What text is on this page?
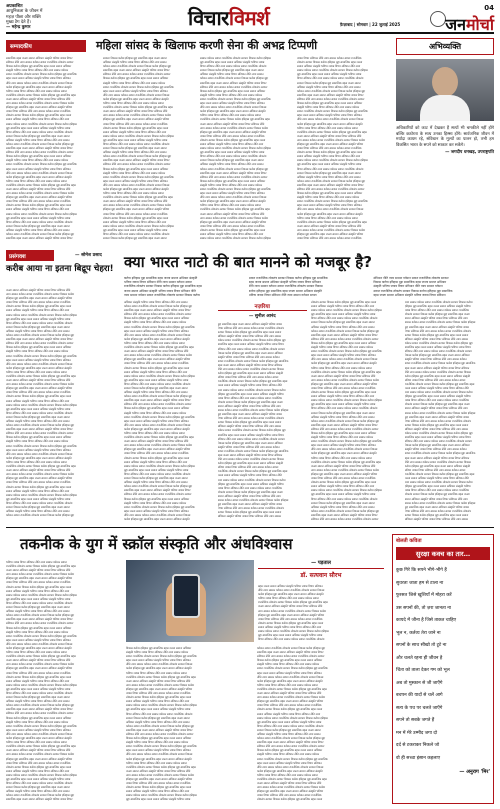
अप्रकाशित
आधुनिकता के जीवन में
महज़ पीछा और शक्ति
मुख्य टैग देते हैं।
— महेन्द्र कुमार	विचारविमर्श	फ़ैज़ाबाद | सोमवार | 22 जुलाई 2025
04
जनमोर्चा
सम्पादकीय	महिला सांसद के खिलाफ करणी सेना की अभद्र टिप्पणी
सामाजिक बहस जनता समाज अधिकार संस्कृति भविष्य जवाब विचार
संविधान नीति न्याय सम्मान वर्तमान सवाल राजनीतिक लोकतंत्र सरकार
विकास कर्तव्य इतिहास मुद्दा सामाजिक बहस जनता समाज अधिकार
संस्कृति भविष्य जवाब विचार संविधान नीति न्याय सम्मान वर्तमान
सवाल राजनीतिक लोकतंत्र सरकार विकास कर्तव्य इतिहास मुद्दा सामाजिक
बहस जनता समाज अधिकार संस्कृति भविष्य जवाब विचार संविधान
नीति न्याय सम्मान वर्तमान सवाल राजनीतिक लोकतंत्र सरकार विकास
कर्तव्य इतिहास मुद्दा सामाजिक बहस जनता समाज अधिकार संस्कृति
भविष्य जवाब विचार संविधान नीति न्याय सम्मान वर्तमान सवाल
राजनीतिक लोकतंत्र सरकार विकास कर्तव्य इतिहास मुद्दा सामाजिक बहस
जनता समाज अधिकार संस्कृति भविष्य जवाब विचार संविधान नीति
न्याय सम्मान वर्तमान सवाल राजनीतिक लोकतंत्र सरकार विकास कर्तव्य
इतिहास मुद्दा सामाजिक बहस जनता समाज अधिकार संस्कृति भविष्य
जवाब विचार संविधान नीति न्याय सम्मान वर्तमान सवाल राजनीतिक
लोकतंत्र सरकार विकास कर्तव्य इतिहास मुद्दा सामाजिक बहस जनता
समाज अधिकार संस्कृति भविष्य जवाब विचार संविधान नीति न्याय
सम्मान वर्तमान सवाल राजनीतिक लोकतंत्र सरकार विकास कर्तव्य इतिहास
मुद्दा सामाजिक बहस जनता समाज अधिकार संस्कृति भविष्य जवाब
विचार संविधान नीति न्याय सम्मान वर्तमान सवाल राजनीतिक लोकतंत्र
सरकार विकास कर्तव्य इतिहास मुद्दा सामाजिक बहस जनता समाज
अधिकार संस्कृति भविष्य जवाब विचार संविधान नीति न्याय सम्मान
वर्तमान सवाल राजनीतिक लोकतंत्र सरकार विकास कर्तव्य इतिहास मुद्दा
सामाजिक बहस जनता समाज अधिकार संस्कृति भविष्य जवाब विचार
संविधान नीति न्याय सम्मान वर्तमान सवाल राजनीतिक लोकतंत्र सरकार
विकास कर्तव्य इतिहास मुद्दा सामाजिक बहस जनता समाज अधिकार
संस्कृति भविष्य जवाब विचार संविधान नीति न्याय सम्मान वर्तमान
सवाल राजनीतिक लोकतंत्र सरकार विकास कर्तव्य इतिहास मुद्दा सामाजिक
बहस जनता समाज अधिकार संस्कृति भविष्य जवाब विचार संविधान
नीति न्याय सम्मान वर्तमान सवाल राजनीतिक लोकतंत्र सरकार विकास
कर्तव्य इतिहास मुद्दा सामाजिक बहस जनता समाज अधिकार संस्कृति
भविष्य जवाब विचार संविधान नीति न्याय सम्मान वर्तमान सवाल
राजनीतिक लोकतंत्र सरकार विकास कर्तव्य इतिहास मुद्दा सामाजिक बहस
जनता समाज अधिकार संस्कृति भविष्य जवाब विचार संविधान नीति
न्याय सम्मान वर्तमान सवाल राजनीतिक लोकतंत्र सरकार विकास कर्तव्य
इतिहास मुद्दा सामाजिक बहस जनता समाज अधिकार संस्कृति भविष्य
जवाब विचार संविधान नीति न्याय सम्मान वर्तमान सवाल राजनीतिक
लोकतंत्र सरकार विकास कर्तव्य इतिहास मुद्दा सामाजिक बहस जनता
समाज अधिकार संस्कृति भविष्य जवाब विचार संविधान नीति न्याय
सम्मान वर्तमान सवाल राजनीतिक लोकतंत्र सरकार विकास कर्तव्य इतिहास
मुद्दा सामाजिक बहस जनता समाज अधिकार संस्कृति भविष्य जवाब
विचार संविधान नीति न्याय सम्मान वर्तमान सवाल राजनीतिक लोकतंत्र
सरकार विकास कर्तव्य इतिहास मुद्दा सामाजिक बहस जनता समाज
अधिकार संस्कृति भविष्य जवाब विचार संविधान नीति न्याय सम्मान
वर्तमान सवाल राजनीतिक लोकतंत्र सरकार विकास कर्तव्य इतिहास मुद्दा
सामाजिक बहस जनता समाज अधिकार संस्कृति भविष्य जवाब विचार
सरकार विकास कर्तव्य इतिहास मुद्दा सामाजिक बहस जनता समाज
अधिकार संस्कृति भविष्य जवाब विचार संविधान नीति न्याय सम्मान
वर्तमान सवाल राजनीतिक लोकतंत्र सरकार विकास कर्तव्य इतिहास मुद्दा
सामाजिक बहस जनता समाज अधिकार संस्कृति भविष्य जवाब विचार
संविधान नीति न्याय सम्मान वर्तमान सवाल राजनीतिक लोकतंत्र सरकार
विकास कर्तव्य इतिहास मुद्दा सामाजिक बहस जनता समाज अधिकार
संस्कृति भविष्य जवाब विचार संविधान नीति न्याय सम्मान वर्तमान
सवाल राजनीतिक लोकतंत्र सरकार विकास कर्तव्य इतिहास मुद्दा सामाजिक
बहस जनता समाज अधिकार संस्कृति भविष्य जवाब विचार संविधान
नीति न्याय सम्मान वर्तमान सवाल राजनीतिक लोकतंत्र सरकार विकास
कर्तव्य इतिहास मुद्दा सामाजिक बहस जनता समाज अधिकार संस्कृति
भविष्य जवाब विचार संविधान नीति न्याय सम्मान वर्तमान सवाल
राजनीतिक लोकतंत्र सरकार विकास कर्तव्य इतिहास मुद्दा सामाजिक बहस
जनता समाज अधिकार संस्कृति भविष्य जवाब विचार संविधान नीति
न्याय सम्मान वर्तमान सवाल राजनीतिक लोकतंत्र सरकार विकास कर्तव्य
इतिहास मुद्दा सामाजिक बहस जनता समाज अधिकार संस्कृति भविष्य
जवाब विचार संविधान नीति न्याय सम्मान वर्तमान सवाल राजनीतिक
लोकतंत्र सरकार विकास कर्तव्य इतिहास मुद्दा सामाजिक बहस जनता
समाज अधिकार संस्कृति भविष्य जवाब विचार संविधान नीति न्याय
सम्मान वर्तमान सवाल राजनीतिक लोकतंत्र सरकार विकास कर्तव्य इतिहास
मुद्दा सामाजिक बहस जनता समाज अधिकार संस्कृति भविष्य जवाब
विचार संविधान नीति न्याय सम्मान वर्तमान सवाल राजनीतिक लोकतंत्र
सरकार विकास कर्तव्य इतिहास मुद्दा सामाजिक बहस जनता समाज
अधिकार संस्कृति भविष्य जवाब विचार संविधान नीति न्याय सम्मान
वर्तमान सवाल राजनीतिक लोकतंत्र सरकार विकास कर्तव्य इतिहास मुद्दा
सामाजिक बहस जनता समाज अधिकार संस्कृति भविष्य जवाब विचार
संविधान नीति न्याय सम्मान वर्तमान सवाल राजनीतिक लोकतंत्र सरकार
विकास कर्तव्य इतिहास मुद्दा सामाजिक बहस जनता समाज अधिकार
संस्कृति भविष्य जवाब विचार संविधान नीति न्याय सम्मान वर्तमान
सवाल राजनीतिक लोकतंत्र सरकार विकास कर्तव्य इतिहास मुद्दा सामाजिक
बहस जनता समाज अधिकार संस्कृति भविष्य जवाब विचार संविधान
नीति न्याय सम्मान वर्तमान सवाल राजनीतिक लोकतंत्र सरकार विकास
कर्तव्य इतिहास मुद्दा सामाजिक बहस जनता समाज अधिकार संस्कृति
भविष्य जवाब विचार संविधान नीति न्याय सम्मान वर्तमान सवाल
राजनीतिक लोकतंत्र सरकार विकास कर्तव्य इतिहास मुद्दा सामाजिक बहस
जनता समाज अधिकार संस्कृति भविष्य जवाब विचार संविधान नीति
न्याय सम्मान वर्तमान सवाल राजनीतिक लोकतंत्र सरकार विकास कर्तव्य
इतिहास मुद्दा सामाजिक बहस जनता समाज अधिकार संस्कृति भविष्य
जवाब विचार संविधान नीति न्याय सम्मान वर्तमान सवाल राजनीतिक
लोकतंत्र सरकार विकास कर्तव्य इतिहास मुद्दा सामाजिक बहस जनता
समाज अधिकार संस्कृति भविष्य जवाब विचार संविधान नीति न्याय
सम्मान वर्तमान सवाल राजनीतिक लोकतंत्र सरकार विकास कर्तव्य इतिहास
मुद्दा सामाजिक बहस जनता समाज अधिकार संस्कृति भविष्य जवाब
विचार संविधान नीति न्याय सम्मान वर्तमान सवाल राजनीतिक लोकतंत्र
सरकार विकास कर्तव्य इतिहास मुद्दा सामाजिक बहस जनता समाज
सम्मान वर्तमान सवाल राजनीतिक लोकतंत्र सरकार विकास कर्तव्य इतिहास
मुद्दा सामाजिक बहस जनता समाज अधिकार संस्कृति भविष्य जवाब
विचार संविधान नीति न्याय सम्मान वर्तमान सवाल राजनीतिक लोकतंत्र
सरकार विकास कर्तव्य इतिहास मुद्दा सामाजिक बहस जनता समाज
अधिकार संस्कृति भविष्य जवाब विचार संविधान नीति न्याय सम्मान
वर्तमान सवाल राजनीतिक लोकतंत्र सरकार विकास कर्तव्य इतिहास मुद्दा
सामाजिक बहस जनता समाज अधिकार संस्कृति भविष्य जवाब विचार
संविधान नीति न्याय सम्मान वर्तमान सवाल राजनीतिक लोकतंत्र सरकार
विकास कर्तव्य इतिहास मुद्दा सामाजिक बहस जनता समाज अधिकार
संस्कृति भविष्य जवाब विचार संविधान नीति न्याय सम्मान वर्तमान
सवाल राजनीतिक लोकतंत्र सरकार विकास कर्तव्य इतिहास मुद्दा सामाजिक
बहस जनता समाज अधिकार संस्कृति भविष्य जवाब विचार संविधान
नीति न्याय सम्मान वर्तमान सवाल राजनीतिक लोकतंत्र सरकार विकास
कर्तव्य इतिहास मुद्दा सामाजिक बहस जनता समाज अधिकार संस्कृति
भविष्य जवाब विचार संविधान नीति न्याय सम्मान वर्तमान सवाल
राजनीतिक लोकतंत्र सरकार विकास कर्तव्य इतिहास मुद्दा सामाजिक बहस
जनता समाज अधिकार संस्कृति भविष्य जवाब विचार संविधान नीति
न्याय सम्मान वर्तमान सवाल राजनीतिक लोकतंत्र सरकार विकास कर्तव्य
इतिहास मुद्दा सामाजिक बहस जनता समाज अधिकार संस्कृति भविष्य
जवाब विचार संविधान नीति न्याय सम्मान वर्तमान सवाल राजनीतिक
लोकतंत्र सरकार विकास कर्तव्य इतिहास मुद्दा सामाजिक बहस जनता
समाज अधिकार संस्कृति भविष्य जवाब विचार संविधान नीति न्याय
सम्मान वर्तमान सवाल राजनीतिक लोकतंत्र सरकार विकास कर्तव्य इतिहास
मुद्दा सामाजिक बहस जनता समाज अधिकार संस्कृति भविष्य जवाब
विचार संविधान नीति न्याय सम्मान वर्तमान सवाल राजनीतिक लोकतंत्र
सरकार विकास कर्तव्य इतिहास मुद्दा सामाजिक बहस जनता समाज
अधिकार संस्कृति भविष्य जवाब विचार संविधान नीति न्याय सम्मान
वर्तमान सवाल राजनीतिक लोकतंत्र सरकार विकास कर्तव्य इतिहास मुद्दा
सामाजिक बहस जनता समाज अधिकार संस्कृति भविष्य जवाब विचार
संविधान नीति न्याय सम्मान वर्तमान सवाल राजनीतिक लोकतंत्र सरकार
विकास कर्तव्य इतिहास मुद्दा सामाजिक बहस जनता समाज अधिकार
संस्कृति भविष्य जवाब विचार संविधान नीति न्याय सम्मान वर्तमान
सवाल राजनीतिक लोकतंत्र सरकार विकास कर्तव्य इतिहास मुद्दा सामाजिक
बहस जनता समाज अधिकार संस्कृति भविष्य जवाब विचार संविधान
नीति न्याय सम्मान वर्तमान सवाल राजनीतिक लोकतंत्र सरकार विकास
कर्तव्य इतिहास मुद्दा सामाजिक बहस जनता समाज अधिकार संस्कृति
भविष्य जवाब विचार संविधान नीति न्याय सम्मान वर्तमान सवाल
राजनीतिक लोकतंत्र सरकार विकास कर्तव्य इतिहास मुद्दा सामाजिक बहस
जनता समाज अधिकार संस्कृति भविष्य जवाब विचार संविधान नीति
न्याय सम्मान वर्तमान सवाल राजनीतिक लोकतंत्र सरकार विकास कर्तव्य
इतिहास मुद्दा सामाजिक बहस जनता समाज अधिकार संस्कृति भविष्य
जवाब विचार संविधान नीति न्याय सम्मान वर्तमान सवाल राजनीतिक
लोकतंत्र सरकार विकास कर्तव्य इतिहास मुद्दा सामाजिक बहस जनता
समाज अधिकार संस्कृति भविष्य जवाब विचार संविधान नीति न्याय
सम्मान वर्तमान सवाल राजनीतिक लोकतंत्र सरकार विकास कर्तव्य इतिहास
जवाब विचार संविधान नीति न्याय सम्मान वर्तमान सवाल राजनीतिक
लोकतंत्र सरकार विकास कर्तव्य इतिहास मुद्दा सामाजिक बहस जनता
समाज अधिकार संस्कृति भविष्य जवाब विचार संविधान नीति न्याय
सम्मान वर्तमान सवाल राजनीतिक लोकतंत्र सरकार विकास कर्तव्य इतिहास
मुद्दा सामाजिक बहस जनता समाज अधिकार संस्कृति भविष्य जवाब
विचार संविधान नीति न्याय सम्मान वर्तमान सवाल राजनीतिक लोकतंत्र
सरकार विकास कर्तव्य इतिहास मुद्दा सामाजिक बहस जनता समाज
अधिकार संस्कृति भविष्य जवाब विचार संविधान नीति न्याय सम्मान
वर्तमान सवाल राजनीतिक लोकतंत्र सरकार विकास कर्तव्य इतिहास मुद्दा
सामाजिक बहस जनता समाज अधिकार संस्कृति भविष्य जवाब विचार
संविधान नीति न्याय सम्मान वर्तमान सवाल राजनीतिक लोकतंत्र सरकार
विकास कर्तव्य इतिहास मुद्दा सामाजिक बहस जनता समाज अधिकार
संस्कृति भविष्य जवाब विचार संविधान नीति न्याय सम्मान वर्तमान
सवाल राजनीतिक लोकतंत्र सरकार विकास कर्तव्य इतिहास मुद्दा सामाजिक
बहस जनता समाज अधिकार संस्कृति भविष्य जवाब विचार संविधान
नीति न्याय सम्मान वर्तमान सवाल राजनीतिक लोकतंत्र सरकार विकास
कर्तव्य इतिहास मुद्दा सामाजिक बहस जनता समाज अधिकार संस्कृति
भविष्य जवाब विचार संविधान नीति न्याय सम्मान वर्तमान सवाल
राजनीतिक लोकतंत्र सरकार विकास कर्तव्य इतिहास मुद्दा सामाजिक बहस
जनता समाज अधिकार संस्कृति भविष्य जवाब विचार संविधान नीति
न्याय सम्मान वर्तमान सवाल राजनीतिक लोकतंत्र सरकार विकास कर्तव्य
इतिहास मुद्दा सामाजिक बहस जनता समाज अधिकार संस्कृति भविष्य
जवाब विचार संविधान नीति न्याय सम्मान वर्तमान सवाल राजनीतिक
लोकतंत्र सरकार विकास कर्तव्य इतिहास मुद्दा सामाजिक बहस जनता
समाज अधिकार संस्कृति भविष्य जवाब विचार संविधान नीति न्याय
सम्मान वर्तमान सवाल राजनीतिक लोकतंत्र सरकार विकास कर्तव्य इतिहास
मुद्दा सामाजिक बहस जनता समाज अधिकार संस्कृति भविष्य जवाब
विचार संविधान नीति न्याय सम्मान वर्तमान सवाल राजनीतिक लोकतंत्र
सरकार विकास कर्तव्य इतिहास मुद्दा सामाजिक बहस जनता समाज
अधिकार संस्कृति भविष्य जवाब विचार संविधान नीति न्याय सम्मान
वर्तमान सवाल राजनीतिक लोकतंत्र सरकार विकास कर्तव्य इतिहास मुद्दा
सामाजिक बहस जनता समाज अधिकार संस्कृति भविष्य जवाब विचार
संविधान नीति न्याय सम्मान वर्तमान सवाल राजनीतिक लोकतंत्र सरकार
विकास कर्तव्य इतिहास मुद्दा सामाजिक बहस जनता समाज अधिकार
संस्कृति भविष्य जवाब विचार संविधान नीति न्याय सम्मान वर्तमान
सवाल राजनीतिक लोकतंत्र सरकार विकास कर्तव्य इतिहास मुद्दा सामाजिक
बहस जनता समाज अधिकार संस्कृति भविष्य जवाब विचार संविधान
नीति न्याय सम्मान वर्तमान सवाल राजनीतिक लोकतंत्र सरकार विकास
कर्तव्य इतिहास मुद्दा सामाजिक बहस जनता समाज अधिकार संस्कृति
भविष्य जवाब विचार संविधान नीति न्याय सम्मान वर्तमान सवाल
राजनीतिक लोकतंत्र सरकार विकास कर्तव्य इतिहास मुद्दा सामाजिक बहस
जनता समाज अधिकार संस्कृति भविष्य जवाब विचार संविधान नीति
न्याय सम्मान वर्तमान सवाल राजनीतिक लोकतंत्र सरकार विकास कर्तव्य
इतिहास मुद्दा सामाजिक बहस जनता समाज अधिकार संस्कृति भविष्य
जवाब विचार संविधान नीति न्याय सम्मान वर्तमान सवाल राजनीतिक
अभिव्यक्ति
अधिकारियों को काट में देखकर हैं सत्यों भी चमकीले नहीं होंगे बल्कि कठोरता के साथ उनका हिस्सा होंगे। सार्वजनिक जीवन में मर्यादा कायम रहे, संविधान के मूल्यों का पालन हो, तभी हम विकसित भारत के सपने को साकार कर सकेंगे।
— जगदीप धनखड़, उपराष्ट्रपति
प्रसंगवश	— सोमेश प्रसाद
करीब आया ना इतना बिद्रूप चेहरा!
जनता समाज अधिकार संस्कृति भविष्य जवाब विचार संविधान नीति
न्याय सम्मान वर्तमान सवाल राजनीतिक लोकतंत्र सरकार विकास कर्तव्य
इतिहास मुद्दा सामाजिक बहस जनता समाज अधिकार संस्कृति भविष्य
जवाब विचार संविधान नीति न्याय सम्मान वर्तमान सवाल राजनीतिक
लोकतंत्र सरकार विकास कर्तव्य इतिहास मुद्दा सामाजिक बहस जनता
समाज अधिकार संस्कृति भविष्य जवाब विचार संविधान नीति न्याय
सम्मान वर्तमान सवाल राजनीतिक लोकतंत्र सरकार विकास कर्तव्य इतिहास
मुद्दा सामाजिक बहस जनता समाज अधिकार संस्कृति भविष्य जवाब
विचार संविधान नीति न्याय सम्मान वर्तमान सवाल राजनीतिक लोकतंत्र
सरकार विकास कर्तव्य इतिहास मुद्दा सामाजिक बहस जनता समाज
अधिकार संस्कृति भविष्य जवाब विचार संविधान नीति न्याय सम्मान
वर्तमान सवाल राजनीतिक लोकतंत्र सरकार विकास कर्तव्य इतिहास मुद्दा
सामाजिक बहस जनता समाज अधिकार संस्कृति भविष्य जवाब विचार
संविधान नीति न्याय सम्मान वर्तमान सवाल राजनीतिक लोकतंत्र सरकार
विकास कर्तव्य इतिहास मुद्दा सामाजिक बहस जनता समाज अधिकार
संस्कृति भविष्य जवाब विचार संविधान नीति न्याय सम्मान वर्तमान
सवाल राजनीतिक लोकतंत्र सरकार विकास कर्तव्य इतिहास मुद्दा सामाजिक
बहस जनता समाज अधिकार संस्कृति भविष्य जवाब विचार संविधान
नीति न्याय सम्मान वर्तमान सवाल राजनीतिक लोकतंत्र सरकार विकास
कर्तव्य इतिहास मुद्दा सामाजिक बहस जनता समाज अधिकार संस्कृति
भविष्य जवाब विचार संविधान नीति न्याय सम्मान वर्तमान सवाल
राजनीतिक लोकतंत्र सरकार विकास कर्तव्य इतिहास मुद्दा सामाजिक बहस
जनता समाज अधिकार संस्कृति भविष्य जवाब विचार संविधान नीति
न्याय सम्मान वर्तमान सवाल राजनीतिक लोकतंत्र सरकार विकास कर्तव्य
इतिहास मुद्दा सामाजिक बहस जनता समाज अधिकार संस्कृति भविष्य
जवाब विचार संविधान नीति न्याय सम्मान वर्तमान सवाल राजनीतिक
लोकतंत्र सरकार विकास कर्तव्य इतिहास मुद्दा सामाजिक बहस जनता
समाज अधिकार संस्कृति भविष्य जवाब विचार संविधान नीति न्याय
सम्मान वर्तमान सवाल राजनीतिक लोकतंत्र सरकार विकास कर्तव्य इतिहास
मुद्दा सामाजिक बहस जनता समाज अधिकार संस्कृति भविष्य जवाब
विचार संविधान नीति न्याय सम्मान वर्तमान सवाल राजनीतिक लोकतंत्र
सरकार विकास कर्तव्य इतिहास मुद्दा सामाजिक बहस जनता समाज
अधिकार संस्कृति भविष्य जवाब विचार संविधान नीति न्याय सम्मान
वर्तमान सवाल राजनीतिक लोकतंत्र सरकार विकास कर्तव्य इतिहास मुद्दा
सामाजिक बहस जनता समाज अधिकार संस्कृति भविष्य जवाब विचार
संविधान नीति न्याय सम्मान वर्तमान सवाल राजनीतिक लोकतंत्र सरकार
विकास कर्तव्य इतिहास मुद्दा सामाजिक बहस जनता समाज अधिकार
संस्कृति भविष्य जवाब विचार संविधान नीति न्याय सम्मान वर्तमान
सवाल राजनीतिक लोकतंत्र सरकार विकास कर्तव्य इतिहास मुद्दा सामाजिक
बहस जनता समाज अधिकार संस्कृति भविष्य जवाब विचार संविधान
नीति न्याय सम्मान वर्तमान सवाल राजनीतिक लोकतंत्र सरकार विकास
कर्तव्य इतिहास मुद्दा सामाजिक बहस जनता समाज अधिकार संस्कृति
भविष्य जवाब विचार संविधान नीति न्याय सम्मान वर्तमान सवाल
राजनीतिक लोकतंत्र सरकार विकास कर्तव्य इतिहास मुद्दा सामाजिक बहस
जनता समाज अधिकार संस्कृति भविष्य जवाब विचार संविधान नीति
न्याय सम्मान वर्तमान सवाल राजनीतिक लोकतंत्र सरकार विकास कर्तव्य
इतिहास मुद्दा सामाजिक बहस जनता समाज अधिकार संस्कृति भविष्य
जवाब विचार संविधान नीति न्याय सम्मान वर्तमान सवाल राजनीतिक
लोकतंत्र सरकार विकास कर्तव्य इतिहास मुद्दा सामाजिक बहस जनता
समाज अधिकार संस्कृति भविष्य जवाब विचार संविधान नीति न्याय
सम्मान वर्तमान सवाल राजनीतिक लोकतंत्र सरकार विकास कर्तव्य इतिहास
मुद्दा सामाजिक बहस जनता समाज अधिकार संस्कृति भविष्य जवाब
विचार संविधान नीति न्याय सम्मान वर्तमान सवाल राजनीतिक लोकतंत्र
सरकार विकास कर्तव्य इतिहास मुद्दा सामाजिक बहस जनता समाज
अधिकार संस्कृति भविष्य जवाब विचार संविधान नीति न्याय सम्मान
वर्तमान सवाल राजनीतिक लोकतंत्र सरकार विकास कर्तव्य इतिहास मुद्दा
क्या भारत नाटो की बात मानने को मजबूर है?
कर्तव्य इतिहास मुद्दा सामाजिक बहस जनता समाज अधिकार संस्कृति
भविष्य जवाब विचार संविधान नीति न्याय सम्मान वर्तमान सवाल
राजनीतिक लोकतंत्र सरकार विकास कर्तव्य इतिहास मुद्दा सामाजिक बहस
जनता समाज अधिकार संस्कृति भविष्य जवाब विचार संविधान नीति
न्याय सम्मान वर्तमान सवाल राजनीतिक लोकतंत्र सरकार विकास कर्तव्य
सवाल राजनीतिक लोकतंत्र सरकार विकास कर्तव्य इतिहास मुद्दा सामाजिक
बहस जनता समाज अधिकार संस्कृति भविष्य जवाब विचार संविधान
नीति न्याय सम्मान वर्तमान सवाल राजनीतिक लोकतंत्र सरकार विकास
कर्तव्य इतिहास मुद्दा सामाजिक बहस जनता समाज अधिकार संस्कृति
भविष्य जवाब विचार संविधान नीति न्याय सम्मान वर्तमान सवाल
संविधान नीति न्याय सम्मान वर्तमान सवाल राजनीतिक लोकतंत्र सरकार
विकास कर्तव्य इतिहास मुद्दा सामाजिक बहस जनता समाज अधिकार
संस्कृति भविष्य जवाब विचार संविधान नीति न्याय सम्मान वर्तमान
सवाल राजनीतिक लोकतंत्र सरकार विकास कर्तव्य इतिहास मुद्दा सामाजिक
बहस जनता समाज अधिकार संस्कृति भविष्य जवाब विचार संविधान
अधिकार संस्कृति भविष्य जवाब विचार संविधान नीति न्याय सम्मान
वर्तमान सवाल राजनीतिक लोकतंत्र सरकार विकास कर्तव्य इतिहास मुद्दा
सामाजिक बहस जनता समाज अधिकार संस्कृति भविष्य जवाब विचार
संविधान नीति न्याय सम्मान वर्तमान सवाल राजनीतिक लोकतंत्र सरकार
विकास कर्तव्य इतिहास मुद्दा सामाजिक बहस जनता समाज अधिकार
संस्कृति भविष्य जवाब विचार संविधान नीति न्याय सम्मान वर्तमान
सवाल राजनीतिक लोकतंत्र सरकार विकास कर्तव्य इतिहास मुद्दा सामाजिक
बहस जनता समाज अधिकार संस्कृति भविष्य जवाब विचार संविधान
नीति न्याय सम्मान वर्तमान सवाल राजनीतिक लोकतंत्र सरकार विकास
कर्तव्य इतिहास मुद्दा सामाजिक बहस जनता समाज अधिकार संस्कृति
भविष्य जवाब विचार संविधान नीति न्याय सम्मान वर्तमान सवाल
राजनीतिक लोकतंत्र सरकार विकास कर्तव्य इतिहास मुद्दा सामाजिक बहस
जनता समाज अधिकार संस्कृति भविष्य जवाब विचार संविधान नीति
न्याय सम्मान वर्तमान सवाल राजनीतिक लोकतंत्र सरकार विकास कर्तव्य
इतिहास मुद्दा सामाजिक बहस जनता समाज अधिकार संस्कृति भविष्य
जवाब विचार संविधान नीति न्याय सम्मान वर्तमान सवाल राजनीतिक
लोकतंत्र सरकार विकास कर्तव्य इतिहास मुद्दा सामाजिक बहस जनता
समाज अधिकार संस्कृति भविष्य जवाब विचार संविधान नीति न्याय
सम्मान वर्तमान सवाल राजनीतिक लोकतंत्र सरकार विकास कर्तव्य इतिहास
मुद्दा सामाजिक बहस जनता समाज अधिकार संस्कृति भविष्य जवाब
विचार संविधान नीति न्याय सम्मान वर्तमान सवाल राजनीतिक लोकतंत्र
सरकार विकास कर्तव्य इतिहास मुद्दा सामाजिक बहस जनता समाज
अधिकार संस्कृति भविष्य जवाब विचार संविधान नीति न्याय सम्मान
वर्तमान सवाल राजनीतिक लोकतंत्र सरकार विकास कर्तव्य इतिहास मुद्दा
सामाजिक बहस जनता समाज अधिकार संस्कृति भविष्य जवाब विचार
संविधान नीति न्याय सम्मान वर्तमान सवाल राजनीतिक लोकतंत्र सरकार
विकास कर्तव्य इतिहास मुद्दा सामाजिक बहस जनता समाज अधिकार
संस्कृति भविष्य जवाब विचार संविधान नीति न्याय सम्मान वर्तमान
सवाल राजनीतिक लोकतंत्र सरकार विकास कर्तव्य इतिहास मुद्दा सामाजिक
बहस जनता समाज अधिकार संस्कृति भविष्य जवाब विचार संविधान
नीति न्याय सम्मान वर्तमान सवाल राजनीतिक लोकतंत्र सरकार विकास
कर्तव्य इतिहास मुद्दा सामाजिक बहस जनता समाज अधिकार संस्कृति
भविष्य जवाब विचार संविधान नीति न्याय सम्मान वर्तमान सवाल
राजनीतिक लोकतंत्र सरकार विकास कर्तव्य इतिहास मुद्दा सामाजिक बहस
जनता समाज अधिकार संस्कृति भविष्य जवाब विचार संविधान नीति
न्याय सम्मान वर्तमान सवाल राजनीतिक लोकतंत्र सरकार विकास कर्तव्य
इतिहास मुद्दा सामाजिक बहस जनता समाज अधिकार संस्कृति भविष्य
जवाब विचार संविधान नीति न्याय सम्मान वर्तमान सवाल राजनीतिक
लोकतंत्र सरकार विकास कर्तव्य इतिहास मुद्दा सामाजिक बहस जनता
समाज अधिकार संस्कृति भविष्य जवाब विचार संविधान नीति न्याय
सम्मान वर्तमान सवाल राजनीतिक लोकतंत्र सरकार विकास कर्तव्य इतिहास
मुद्दा सामाजिक बहस जनता समाज अधिकार संस्कृति भविष्य जवाब
विचार संविधान नीति न्याय सम्मान वर्तमान सवाल राजनीतिक लोकतंत्र
सरकार विकास कर्तव्य इतिहास मुद्दा सामाजिक बहस जनता समाज
अधिकार संस्कृति भविष्य जवाब विचार संविधान नीति न्याय सम्मान
वर्तमान सवाल राजनीतिक लोकतंत्र सरकार विकास कर्तव्य इतिहास मुद्दा
सामाजिक बहस जनता समाज अधिकार संस्कृति भविष्य जवाब विचार
संविधान नीति न्याय सम्मान वर्तमान सवाल राजनीतिक लोकतंत्र सरकार
विकास कर्तव्य इतिहास मुद्दा सामाजिक बहस जनता समाज अधिकार
संस्कृति भविष्य जवाब विचार संविधान नीति न्याय सम्मान वर्तमान
सवाल राजनीतिक लोकतंत्र सरकार विकास कर्तव्य इतिहास मुद्दा सामाजिक
बहस जनता समाज अधिकार संस्कृति भविष्य जवाब विचार संविधान
नीति न्याय सम्मान वर्तमान सवाल राजनीतिक लोकतंत्र सरकार विकास
कर्तव्य इतिहास मुद्दा सामाजिक बहस जनता समाज अधिकार संस्कृति
नज़रिया
— सुनील आनंद
मुद्दा सामाजिक बहस जनता समाज अधिकार संस्कृति भविष्य जवाब
विचार संविधान नीति न्याय सम्मान वर्तमान सवाल राजनीतिक लोकतंत्र
सरकार विकास कर्तव्य इतिहास मुद्दा सामाजिक बहस जनता समाज
अधिकार संस्कृति भविष्य जवाब विचार संविधान नीति न्याय सम्मान
वर्तमान सवाल राजनीतिक लोकतंत्र सरकार विकास कर्तव्य इतिहास मुद्दा
सामाजिक बहस जनता समाज अधिकार संस्कृति भविष्य जवाब विचार
संविधान नीति न्याय सम्मान वर्तमान सवाल राजनीतिक लोकतंत्र सरकार
विकास कर्तव्य इतिहास मुद्दा सामाजिक बहस जनता समाज अधिकार
संस्कृति भविष्य जवाब विचार संविधान नीति न्याय सम्मान वर्तमान
सवाल राजनीतिक लोकतंत्र सरकार विकास कर्तव्य इतिहास मुद्दा सामाजिक
बहस जनता समाज अधिकार संस्कृति भविष्य जवाब विचार संविधान
नीति न्याय सम्मान वर्तमान सवाल राजनीतिक लोकतंत्र सरकार विकास
कर्तव्य इतिहास मुद्दा सामाजिक बहस जनता समाज अधिकार संस्कृति
भविष्य जवाब विचार संविधान नीति न्याय सम्मान वर्तमान सवाल
राजनीतिक लोकतंत्र सरकार विकास कर्तव्य इतिहास मुद्दा सामाजिक बहस
जनता समाज अधिकार संस्कृति भविष्य जवाब विचार संविधान नीति
न्याय सम्मान वर्तमान सवाल राजनीतिक लोकतंत्र सरकार विकास कर्तव्य
इतिहास मुद्दा सामाजिक बहस जनता समाज अधिकार संस्कृति भविष्य
जवाब विचार संविधान नीति न्याय सम्मान वर्तमान सवाल राजनीतिक
लोकतंत्र सरकार विकास कर्तव्य इतिहास मुद्दा सामाजिक बहस जनता
समाज अधिकार संस्कृति भविष्य जवाब विचार संविधान नीति न्याय
सम्मान वर्तमान सवाल राजनीतिक लोकतंत्र सरकार विकास कर्तव्य इतिहास
मुद्दा सामाजिक बहस जनता समाज अधिकार संस्कृति भविष्य जवाब
विचार संविधान नीति न्याय सम्मान वर्तमान सवाल राजनीतिक लोकतंत्र
सरकार विकास कर्तव्य इतिहास मुद्दा सामाजिक बहस जनता समाज
अधिकार संस्कृति भविष्य जवाब विचार संविधान नीति न्याय सम्मान
वर्तमान सवाल राजनीतिक लोकतंत्र सरकार विकास कर्तव्य इतिहास मुद्दा
सामाजिक बहस जनता समाज अधिकार संस्कृति भविष्य जवाब विचार
संविधान नीति न्याय सम्मान वर्तमान सवाल राजनीतिक लोकतंत्र सरकार
विकास कर्तव्य इतिहास मुद्दा सामाजिक बहस जनता समाज अधिकार
संस्कृति भविष्य जवाब विचार संविधान नीति न्याय सम्मान वर्तमान
सवाल राजनीतिक लोकतंत्र सरकार विकास कर्तव्य इतिहास मुद्दा सामाजिक
बहस जनता समाज अधिकार संस्कृति भविष्य जवाब विचार संविधान
नीति न्याय सम्मान वर्तमान सवाल राजनीतिक लोकतंत्र सरकार विकास
कर्तव्य इतिहास मुद्दा सामाजिक बहस जनता समाज अधिकार संस्कृति
भविष्य जवाब विचार संविधान नीति न्याय सम्मान वर्तमान सवाल
राजनीतिक लोकतंत्र सरकार विकास कर्तव्य इतिहास मुद्दा सामाजिक बहस
जनता समाज अधिकार संस्कृति भविष्य जवाब विचार संविधान नीति
न्याय सम्मान वर्तमान सवाल राजनीतिक लोकतंत्र सरकार विकास कर्तव्य
इतिहास मुद्दा सामाजिक बहस जनता समाज अधिकार संस्कृति भविष्य
जवाब विचार संविधान नीति न्याय सम्मान वर्तमान सवाल राजनीतिक
लोकतंत्र सरकार विकास कर्तव्य इतिहास मुद्दा सामाजिक बहस जनता
समाज अधिकार संस्कृति भविष्य जवाब विचार संविधान नीति न्याय
सम्मान वर्तमान सवाल राजनीतिक लोकतंत्र सरकार विकास कर्तव्य इतिहास
मुद्दा सामाजिक बहस जनता समाज अधिकार संस्कृति भविष्य जवाब
विचार संविधान नीति न्याय सम्मान वर्तमान सवाल राजनीतिक लोकतंत्र
सरकार विकास कर्तव्य इतिहास मुद्दा सामाजिक बहस जनता समाज
अधिकार संस्कृति भविष्य जवाब विचार संविधान नीति न्याय सम्मान
लोकतंत्र सरकार विकास कर्तव्य इतिहास मुद्दा सामाजिक बहस जनता
समाज अधिकार संस्कृति भविष्य जवाब विचार संविधान नीति न्याय
सम्मान वर्तमान सवाल राजनीतिक लोकतंत्र सरकार विकास कर्तव्य इतिहास
मुद्दा सामाजिक बहस जनता समाज अधिकार संस्कृति भविष्य जवाब
विचार संविधान नीति न्याय सम्मान वर्तमान सवाल राजनीतिक लोकतंत्र
सरकार विकास कर्तव्य इतिहास मुद्दा सामाजिक बहस जनता समाज
अधिकार संस्कृति भविष्य जवाब विचार संविधान नीति न्याय सम्मान
वर्तमान सवाल राजनीतिक लोकतंत्र सरकार विकास कर्तव्य इतिहास मुद्दा
सामाजिक बहस जनता समाज अधिकार संस्कृति भविष्य जवाब विचार
संविधान नीति न्याय सम्मान वर्तमान सवाल राजनीतिक लोकतंत्र सरकार
विकास कर्तव्य इतिहास मुद्दा सामाजिक बहस जनता समाज अधिकार
संस्कृति भविष्य जवाब विचार संविधान नीति न्याय सम्मान वर्तमान
सवाल राजनीतिक लोकतंत्र सरकार विकास कर्तव्य इतिहास मुद्दा सामाजिक
बहस जनता समाज अधिकार संस्कृति भविष्य जवाब विचार संविधान
नीति न्याय सम्मान वर्तमान सवाल राजनीतिक लोकतंत्र सरकार विकास
कर्तव्य इतिहास मुद्दा सामाजिक बहस जनता समाज अधिकार संस्कृति
भविष्य जवाब विचार संविधान नीति न्याय सम्मान वर्तमान सवाल
राजनीतिक लोकतंत्र सरकार विकास कर्तव्य इतिहास मुद्दा सामाजिक बहस
जनता समाज अधिकार संस्कृति भविष्य जवाब विचार संविधान नीति
न्याय सम्मान वर्तमान सवाल राजनीतिक लोकतंत्र सरकार विकास कर्तव्य
इतिहास मुद्दा सामाजिक बहस जनता समाज अधिकार संस्कृति भविष्य
जवाब विचार संविधान नीति न्याय सम्मान वर्तमान सवाल राजनीतिक
लोकतंत्र सरकार विकास कर्तव्य इतिहास मुद्दा सामाजिक बहस जनता
समाज अधिकार संस्कृति भविष्य जवाब विचार संविधान नीति न्याय
सम्मान वर्तमान सवाल राजनीतिक लोकतंत्र सरकार विकास कर्तव्य इतिहास
मुद्दा सामाजिक बहस जनता समाज अधिकार संस्कृति भविष्य जवाब
विचार संविधान नीति न्याय सम्मान वर्तमान सवाल राजनीतिक लोकतंत्र
सरकार विकास कर्तव्य इतिहास मुद्दा सामाजिक बहस जनता समाज
अधिकार संस्कृति भविष्य जवाब विचार संविधान नीति न्याय सम्मान
वर्तमान सवाल राजनीतिक लोकतंत्र सरकार विकास कर्तव्य इतिहास मुद्दा
सामाजिक बहस जनता समाज अधिकार संस्कृति भविष्य जवाब विचार
संविधान नीति न्याय सम्मान वर्तमान सवाल राजनीतिक लोकतंत्र सरकार
विकास कर्तव्य इतिहास मुद्दा सामाजिक बहस जनता समाज अधिकार
संस्कृति भविष्य जवाब विचार संविधान नीति न्याय सम्मान वर्तमान
सवाल राजनीतिक लोकतंत्र सरकार विकास कर्तव्य इतिहास मुद्दा सामाजिक
बहस जनता समाज अधिकार संस्कृति भविष्य जवाब विचार संविधान
नीति न्याय सम्मान वर्तमान सवाल राजनीतिक लोकतंत्र सरकार विकास
कर्तव्य इतिहास मुद्दा सामाजिक बहस जनता समाज अधिकार संस्कृति
भविष्य जवाब विचार संविधान नीति न्याय सम्मान वर्तमान सवाल
राजनीतिक लोकतंत्र सरकार विकास कर्तव्य इतिहास मुद्दा सामाजिक बहस
जनता समाज अधिकार संस्कृति भविष्य जवाब विचार संविधान नीति
न्याय सम्मान वर्तमान सवाल राजनीतिक लोकतंत्र सरकार विकास कर्तव्य
इतिहास मुद्दा सामाजिक बहस जनता समाज अधिकार संस्कृति भविष्य
जवाब विचार संविधान नीति न्याय सम्मान वर्तमान सवाल राजनीतिक
लोकतंत्र सरकार विकास कर्तव्य इतिहास मुद्दा सामाजिक बहस जनता
समाज अधिकार संस्कृति भविष्य जवाब विचार संविधान नीति न्याय
सम्मान वर्तमान सवाल राजनीतिक लोकतंत्र सरकार विकास कर्तव्य इतिहास
मुद्दा सामाजिक बहस जनता समाज अधिकार संस्कृति भविष्य जवाब
विचार संविधान नीति न्याय सम्मान वर्तमान सवाल राजनीतिक लोकतंत्र
सरकार विकास कर्तव्य इतिहास मुद्दा सामाजिक बहस जनता समाज
अधिकार संस्कृति भविष्य जवाब विचार संविधान नीति न्याय सम्मान
वर्तमान सवाल राजनीतिक लोकतंत्र सरकार विकास कर्तव्य इतिहास मुद्दा
सामाजिक बहस जनता समाज अधिकार संस्कृति भविष्य जवाब विचार
संविधान नीति न्याय सम्मान वर्तमान सवाल राजनीतिक लोकतंत्र सरकार
न्याय सम्मान वर्तमान सवाल राजनीतिक लोकतंत्र सरकार विकास कर्तव्य
इतिहास मुद्दा सामाजिक बहस जनता समाज अधिकार संस्कृति भविष्य
जवाब विचार संविधान नीति न्याय सम्मान वर्तमान सवाल राजनीतिक
लोकतंत्र सरकार विकास कर्तव्य इतिहास मुद्दा सामाजिक बहस जनता
समाज अधिकार संस्कृति भविष्य जवाब विचार संविधान नीति न्याय
सम्मान वर्तमान सवाल राजनीतिक लोकतंत्र सरकार विकास कर्तव्य इतिहास
मुद्दा सामाजिक बहस जनता समाज अधिकार संस्कृति भविष्य जवाब
विचार संविधान नीति न्याय सम्मान वर्तमान सवाल राजनीतिक लोकतंत्र
सरकार विकास कर्तव्य इतिहास मुद्दा सामाजिक बहस जनता समाज
अधिकार संस्कृति भविष्य जवाब विचार संविधान नीति न्याय सम्मान
वर्तमान सवाल राजनीतिक लोकतंत्र सरकार विकास कर्तव्य इतिहास मुद्दा
सामाजिक बहस जनता समाज अधिकार संस्कृति भविष्य जवाब विचार
संविधान नीति न्याय सम्मान वर्तमान सवाल राजनीतिक लोकतंत्र सरकार
विकास कर्तव्य इतिहास मुद्दा सामाजिक बहस जनता समाज अधिकार
संस्कृति भविष्य जवाब विचार संविधान नीति न्याय सम्मान वर्तमान
सवाल राजनीतिक लोकतंत्र सरकार विकास कर्तव्य इतिहास मुद्दा सामाजिक
बहस जनता समाज अधिकार संस्कृति भविष्य जवाब विचार संविधान
नीति न्याय सम्मान वर्तमान सवाल राजनीतिक लोकतंत्र सरकार विकास
कर्तव्य इतिहास मुद्दा सामाजिक बहस जनता समाज अधिकार संस्कृति
भविष्य जवाब विचार संविधान नीति न्याय सम्मान वर्तमान सवाल
राजनीतिक लोकतंत्र सरकार विकास कर्तव्य इतिहास मुद्दा सामाजिक बहस
जनता समाज अधिकार संस्कृति भविष्य जवाब विचार संविधान नीति
न्याय सम्मान वर्तमान सवाल राजनीतिक लोकतंत्र सरकार विकास कर्तव्य
इतिहास मुद्दा सामाजिक बहस जनता समाज अधिकार संस्कृति भविष्य
जवाब विचार संविधान नीति न्याय सम्मान वर्तमान सवाल राजनीतिक
लोकतंत्र सरकार विकास कर्तव्य इतिहास मुद्दा सामाजिक बहस जनता
समाज अधिकार संस्कृति भविष्य जवाब विचार संविधान नीति न्याय
सम्मान वर्तमान सवाल राजनीतिक लोकतंत्र सरकार विकास कर्तव्य इतिहास
मुद्दा सामाजिक बहस जनता समाज अधिकार संस्कृति भविष्य जवाब
विचार संविधान नीति न्याय सम्मान वर्तमान सवाल राजनीतिक लोकतंत्र
सरकार विकास कर्तव्य इतिहास मुद्दा सामाजिक बहस जनता समाज
अधिकार संस्कृति भविष्य जवाब विचार संविधान नीति न्याय सम्मान
वर्तमान सवाल राजनीतिक लोकतंत्र सरकार विकास कर्तव्य इतिहास मुद्दा
सामाजिक बहस जनता समाज अधिकार संस्कृति भविष्य जवाब विचार
संविधान नीति न्याय सम्मान वर्तमान सवाल राजनीतिक लोकतंत्र सरकार
विकास कर्तव्य इतिहास मुद्दा सामाजिक बहस जनता समाज अधिकार
संस्कृति भविष्य जवाब विचार संविधान नीति न्याय सम्मान वर्तमान
सवाल राजनीतिक लोकतंत्र सरकार विकास कर्तव्य इतिहास मुद्दा सामाजिक
बहस जनता समाज अधिकार संस्कृति भविष्य जवाब विचार संविधान
नीति न्याय सम्मान वर्तमान सवाल राजनीतिक लोकतंत्र सरकार विकास
कर्तव्य इतिहास मुद्दा सामाजिक बहस जनता समाज अधिकार संस्कृति
भविष्य जवाब विचार संविधान नीति न्याय सम्मान वर्तमान सवाल
राजनीतिक लोकतंत्र सरकार विकास कर्तव्य इतिहास मुद्दा सामाजिक बहस
जनता समाज अधिकार संस्कृति भविष्य जवाब विचार संविधान नीति
न्याय सम्मान वर्तमान सवाल राजनीतिक लोकतंत्र सरकार विकास कर्तव्य
इतिहास मुद्दा सामाजिक बहस जनता समाज अधिकार संस्कृति भविष्य
जवाब विचार संविधान नीति न्याय सम्मान वर्तमान सवाल राजनीतिक
लोकतंत्र सरकार विकास कर्तव्य इतिहास मुद्दा सामाजिक बहस जनता
समाज अधिकार संस्कृति भविष्य जवाब विचार संविधान नीति न्याय
सम्मान वर्तमान सवाल राजनीतिक लोकतंत्र सरकार विकास कर्तव्य इतिहास
मुद्दा सामाजिक बहस जनता समाज अधिकार संस्कृति भविष्य जवाब
विचार संविधान नीति न्याय सम्मान वर्तमान सवाल राजनीतिक लोकतंत्र
सरकार विकास कर्तव्य इतिहास मुद्दा सामाजिक बहस जनता समाज
अधिकार संस्कृति भविष्य जवाब विचार संविधान नीति न्याय सम्मान
तकनीक के युग में स्क्रॉल संस्कृति और अंधविश्वास
भविष्य जवाब विचार संविधान नीति न्याय सम्मान वर्तमान सवाल
राजनीतिक लोकतंत्र सरकार विकास कर्तव्य इतिहास मुद्दा सामाजिक बहस
जनता समाज अधिकार संस्कृति भविष्य जवाब विचार संविधान नीति
न्याय सम्मान वर्तमान सवाल राजनीतिक लोकतंत्र सरकार विकास कर्तव्य
इतिहास मुद्दा सामाजिक बहस जनता समाज अधिकार संस्कृति भविष्य
जवाब विचार संविधान नीति न्याय सम्मान वर्तमान सवाल राजनीतिक
लोकतंत्र सरकार विकास कर्तव्य इतिहास मुद्दा सामाजिक बहस जनता
समाज अधिकार संस्कृति भविष्य जवाब विचार संविधान नीति न्याय
सम्मान वर्तमान सवाल राजनीतिक लोकतंत्र सरकार विकास कर्तव्य इतिहास
मुद्दा सामाजिक बहस जनता समाज अधिकार संस्कृति भविष्य जवाब
विचार संविधान नीति न्याय सम्मान वर्तमान सवाल राजनीतिक लोकतंत्र
सरकार विकास कर्तव्य इतिहास मुद्दा सामाजिक बहस जनता समाज
अधिकार संस्कृति भविष्य जवाब विचार संविधान नीति न्याय सम्मान
वर्तमान सवाल राजनीतिक लोकतंत्र सरकार विकास कर्तव्य इतिहास मुद्दा
सामाजिक बहस जनता समाज अधिकार संस्कृति भविष्य जवाब विचार
संविधान नीति न्याय सम्मान वर्तमान सवाल राजनीतिक लोकतंत्र सरकार
विकास कर्तव्य इतिहास मुद्दा सामाजिक बहस जनता समाज अधिकार
संस्कृति भविष्य जवाब विचार संविधान नीति न्याय सम्मान वर्तमान
सवाल राजनीतिक लोकतंत्र सरकार विकास कर्तव्य इतिहास मुद्दा सामाजिक
बहस जनता समाज अधिकार संस्कृति भविष्य जवाब विचार संविधान
नीति न्याय सम्मान वर्तमान सवाल राजनीतिक लोकतंत्र सरकार विकास
कर्तव्य इतिहास मुद्दा सामाजिक बहस जनता समाज अधिकार संस्कृति
भविष्य जवाब विचार संविधान नीति न्याय सम्मान वर्तमान सवाल
राजनीतिक लोकतंत्र सरकार विकास कर्तव्य इतिहास मुद्दा सामाजिक बहस
जनता समाज अधिकार संस्कृति भविष्य जवाब विचार संविधान नीति
न्याय सम्मान वर्तमान सवाल राजनीतिक लोकतंत्र सरकार विकास कर्तव्य
इतिहास मुद्दा सामाजिक बहस जनता समाज अधिकार संस्कृति भविष्य
जवाब विचार संविधान नीति न्याय सम्मान वर्तमान सवाल राजनीतिक
लोकतंत्र सरकार विकास कर्तव्य इतिहास मुद्दा सामाजिक बहस जनता
समाज अधिकार संस्कृति भविष्य जवाब विचार संविधान नीति न्याय
सम्मान वर्तमान सवाल राजनीतिक लोकतंत्र सरकार विकास कर्तव्य इतिहास
मुद्दा सामाजिक बहस जनता समाज अधिकार संस्कृति भविष्य जवाब
विचार संविधान नीति न्याय सम्मान वर्तमान सवाल राजनीतिक लोकतंत्र
सरकार विकास कर्तव्य इतिहास मुद्दा सामाजिक बहस जनता समाज
अधिकार संस्कृति भविष्य जवाब विचार संविधान नीति न्याय सम्मान
वर्तमान सवाल राजनीतिक लोकतंत्र सरकार विकास कर्तव्य इतिहास मुद्दा
सामाजिक बहस जनता समाज अधिकार संस्कृति भविष्य जवाब विचार
संविधान नीति न्याय सम्मान वर्तमान सवाल राजनीतिक लोकतंत्र सरकार
विकास कर्तव्य इतिहास मुद्दा सामाजिक बहस जनता समाज अधिकार
संस्कृति भविष्य जवाब विचार संविधान नीति न्याय सम्मान वर्तमान
सवाल राजनीतिक लोकतंत्र सरकार विकास कर्तव्य इतिहास मुद्दा सामाजिक
बहस जनता समाज अधिकार संस्कृति भविष्य जवाब विचार संविधान
नीति न्याय सम्मान वर्तमान सवाल राजनीतिक लोकतंत्र सरकार विकास
कर्तव्य इतिहास मुद्दा सामाजिक बहस जनता समाज अधिकार संस्कृति
भविष्य जवाब विचार संविधान नीति न्याय सम्मान वर्तमान सवाल
राजनीतिक लोकतंत्र सरकार विकास कर्तव्य इतिहास मुद्दा सामाजिक बहस
जनता समाज अधिकार संस्कृति भविष्य जवाब विचार संविधान नीति
न्याय सम्मान वर्तमान सवाल राजनीतिक लोकतंत्र सरकार विकास कर्तव्य
इतिहास मुद्दा सामाजिक बहस जनता समाज अधिकार संस्कृति भविष्य
जवाब विचार संविधान नीति न्याय सम्मान वर्तमान सवाल राजनीतिक
लोकतंत्र सरकार विकास कर्तव्य इतिहास मुद्दा सामाजिक बहस जनता
समाज अधिकार संस्कृति भविष्य जवाब विचार संविधान नीति न्याय
सम्मान वर्तमान सवाल राजनीतिक लोकतंत्र सरकार विकास कर्तव्य इतिहास
मुद्दा सामाजिक बहस जनता समाज अधिकार संस्कृति भविष्य जवाब
विचार संविधान नीति न्याय सम्मान वर्तमान सवाल राजनीतिक लोकतंत्र
सरकार विकास कर्तव्य इतिहास मुद्दा सामाजिक बहस जनता समाज
अधिकार संस्कृति भविष्य जवाब विचार संविधान नीति न्याय सम्मान
वर्तमान सवाल राजनीतिक लोकतंत्र सरकार विकास कर्तव्य इतिहास मुद्दा
सामाजिक बहस जनता समाज अधिकार संस्कृति भविष्य जवाब विचार
— पड़ताल
डॉ. सत्यवान सौरभ
बहस जनता समाज अधिकार संस्कृति भविष्य जवाब विचार संविधान
नीति न्याय सम्मान वर्तमान सवाल राजनीतिक लोकतंत्र सरकार विकास
कर्तव्य इतिहास मुद्दा सामाजिक बहस जनता समाज अधिकार संस्कृति
भविष्य जवाब विचार संविधान नीति न्याय सम्मान वर्तमान सवाल
राजनीतिक लोकतंत्र सरकार विकास कर्तव्य इतिहास मुद्दा सामाजिक बहस
जनता समाज अधिकार संस्कृति भविष्य जवाब विचार संविधान नीति
न्याय सम्मान वर्तमान सवाल राजनीतिक लोकतंत्र सरकार विकास कर्तव्य
इतिहास मुद्दा सामाजिक बहस जनता समाज अधिकार संस्कृति भविष्य
जवाब विचार संविधान नीति न्याय सम्मान वर्तमान सवाल राजनीतिक
लोकतंत्र सरकार विकास कर्तव्य इतिहास मुद्दा सामाजिक बहस जनता
समाज अधिकार संस्कृति भविष्य जवाब विचार संविधान नीति न्याय
सम्मान वर्तमान सवाल राजनीतिक लोकतंत्र सरकार विकास कर्तव्य इतिहास
मुद्दा सामाजिक बहस जनता समाज अधिकार संस्कृति भविष्य जवाब
विचार संविधान नीति न्याय सम्मान वर्तमान सवाल राजनीतिक लोकतंत्र
विकास कर्तव्य इतिहास मुद्दा सामाजिक बहस जनता समाज अधिकार
संस्कृति भविष्य जवाब विचार संविधान नीति न्याय सम्मान वर्तमान
सवाल राजनीतिक लोकतंत्र सरकार विकास कर्तव्य इतिहास मुद्दा सामाजिक
बहस जनता समाज अधिकार संस्कृति भविष्य जवाब विचार संविधान
नीति न्याय सम्मान वर्तमान सवाल राजनीतिक लोकतंत्र सरकार विकास
कर्तव्य इतिहास मुद्दा सामाजिक बहस जनता समाज अधिकार संस्कृति
भविष्य जवाब विचार संविधान नीति न्याय सम्मान वर्तमान सवाल
राजनीतिक लोकतंत्र सरकार विकास कर्तव्य इतिहास मुद्दा सामाजिक बहस
जनता समाज अधिकार संस्कृति भविष्य जवाब विचार संविधान नीति
न्याय सम्मान वर्तमान सवाल राजनीतिक लोकतंत्र सरकार विकास कर्तव्य
इतिहास मुद्दा सामाजिक बहस जनता समाज अधिकार संस्कृति भविष्य
जवाब विचार संविधान नीति न्याय सम्मान वर्तमान सवाल राजनीतिक
लोकतंत्र सरकार विकास कर्तव्य इतिहास मुद्दा सामाजिक बहस जनता
समाज अधिकार संस्कृति भविष्य जवाब विचार संविधान नीति न्याय
सम्मान वर्तमान सवाल राजनीतिक लोकतंत्र सरकार विकास कर्तव्य इतिहास
मुद्दा सामाजिक बहस जनता समाज अधिकार संस्कृति भविष्य जवाब
विचार संविधान नीति न्याय सम्मान वर्तमान सवाल राजनीतिक लोकतंत्र
सरकार विकास कर्तव्य इतिहास मुद्दा सामाजिक बहस जनता समाज
अधिकार संस्कृति भविष्य जवाब विचार संविधान नीति न्याय सम्मान
वर्तमान सवाल राजनीतिक लोकतंत्र सरकार विकास कर्तव्य इतिहास मुद्दा
सामाजिक बहस जनता समाज अधिकार संस्कृति भविष्य जवाब विचार
संविधान नीति न्याय सम्मान वर्तमान सवाल राजनीतिक लोकतंत्र सरकार
विकास कर्तव्य इतिहास मुद्दा सामाजिक बहस जनता समाज अधिकार
संस्कृति भविष्य जवाब विचार संविधान नीति न्याय सम्मान वर्तमान
सवाल राजनीतिक लोकतंत्र सरकार विकास कर्तव्य इतिहास मुद्दा सामाजिक
बहस जनता समाज अधिकार संस्कृति भविष्य जवाब विचार संविधान
नीति न्याय सम्मान वर्तमान सवाल राजनीतिक लोकतंत्र सरकार विकास
कर्तव्य इतिहास मुद्दा सामाजिक बहस जनता समाज अधिकार संस्कृति
भविष्य जवाब विचार संविधान नीति न्याय सम्मान वर्तमान सवाल
राजनीतिक लोकतंत्र सरकार विकास कर्तव्य इतिहास मुद्दा सामाजिक बहस
जनता समाज अधिकार संस्कृति भविष्य जवाब विचार संविधान नीति
न्याय सम्मान वर्तमान सवाल राजनीतिक लोकतंत्र सरकार विकास कर्तव्य
इतिहास मुद्दा सामाजिक बहस जनता समाज अधिकार संस्कृति भविष्य
जवाब विचार संविधान नीति न्याय सम्मान वर्तमान सवाल राजनीतिक
लोकतंत्र सरकार विकास कर्तव्य इतिहास मुद्दा सामाजिक बहस जनता
समाज अधिकार संस्कृति भविष्य जवाब विचार संविधान नीति न्याय
सम्मान वर्तमान सवाल राजनीतिक लोकतंत्र सरकार विकास कर्तव्य इतिहास
मुद्दा सामाजिक बहस जनता समाज अधिकार संस्कृति भविष्य जवाब
वर्तमान सवाल राजनीतिक लोकतंत्र सरकार विकास कर्तव्य इतिहास मुद्दा
सामाजिक बहस जनता समाज अधिकार संस्कृति भविष्य जवाब विचार
संविधान नीति न्याय सम्मान वर्तमान सवाल राजनीतिक लोकतंत्र सरकार
विकास कर्तव्य इतिहास मुद्दा सामाजिक बहस जनता समाज अधिकार
संस्कृति भविष्य जवाब विचार संविधान नीति न्याय सम्मान वर्तमान
सवाल राजनीतिक लोकतंत्र सरकार विकास कर्तव्य इतिहास मुद्दा सामाजिक
बहस जनता समाज अधिकार संस्कृति भविष्य जवाब विचार संविधान
नीति न्याय सम्मान वर्तमान सवाल राजनीतिक लोकतंत्र सरकार विकास
कर्तव्य इतिहास मुद्दा सामाजिक बहस जनता समाज अधिकार संस्कृति
भविष्य जवाब विचार संविधान नीति न्याय सम्मान वर्तमान सवाल
राजनीतिक लोकतंत्र सरकार विकास कर्तव्य इतिहास मुद्दा सामाजिक बहस
जनता समाज अधिकार संस्कृति भविष्य जवाब विचार संविधान नीति
न्याय सम्मान वर्तमान सवाल राजनीतिक लोकतंत्र सरकार विकास कर्तव्य
इतिहास मुद्दा सामाजिक बहस जनता समाज अधिकार संस्कृति भविष्य
जवाब विचार संविधान नीति न्याय सम्मान वर्तमान सवाल राजनीतिक
लोकतंत्र सरकार विकास कर्तव्य इतिहास मुद्दा सामाजिक बहस जनता
समाज अधिकार संस्कृति भविष्य जवाब विचार संविधान नीति न्याय
सम्मान वर्तमान सवाल राजनीतिक लोकतंत्र सरकार विकास कर्तव्य इतिहास
मुद्दा सामाजिक बहस जनता समाज अधिकार संस्कृति भविष्य जवाब
विचार संविधान नीति न्याय सम्मान वर्तमान सवाल राजनीतिक लोकतंत्र
सरकार विकास कर्तव्य इतिहास मुद्दा सामाजिक बहस जनता समाज
अधिकार संस्कृति भविष्य जवाब विचार संविधान नीति न्याय सम्मान
वर्तमान सवाल राजनीतिक लोकतंत्र सरकार विकास कर्तव्य इतिहास मुद्दा
सामाजिक बहस जनता समाज अधिकार संस्कृति भविष्य जवाब विचार
संविधान नीति न्याय सम्मान वर्तमान सवाल राजनीतिक लोकतंत्र सरकार
विकास कर्तव्य इतिहास मुद्दा सामाजिक बहस जनता समाज अधिकार
संस्कृति भविष्य जवाब विचार संविधान नीति न्याय सम्मान वर्तमान
सवाल राजनीतिक लोकतंत्र सरकार विकास कर्तव्य इतिहास मुद्दा सामाजिक
बहस जनता समाज अधिकार संस्कृति भविष्य जवाब विचार संविधान
नीति न्याय सम्मान वर्तमान सवाल राजनीतिक लोकतंत्र सरकार विकास
कर्तव्य इतिहास मुद्दा सामाजिक बहस जनता समाज अधिकार संस्कृति
भविष्य जवाब विचार संविधान नीति न्याय सम्मान वर्तमान सवाल
राजनीतिक लोकतंत्र सरकार विकास कर्तव्य इतिहास मुद्दा सामाजिक बहस
जनता समाज अधिकार संस्कृति भविष्य जवाब विचार संविधान नीति
न्याय सम्मान वर्तमान सवाल राजनीतिक लोकतंत्र सरकार विकास कर्तव्य
इतिहास मुद्दा सामाजिक बहस जनता समाज अधिकार संस्कृति भविष्य
जवाब विचार संविधान नीति न्याय सम्मान वर्तमान सवाल राजनीतिक
लोकतंत्र सरकार विकास कर्तव्य इतिहास मुद्दा सामाजिक बहस जनता
बोलती कविता
सुरक्षा कवच का तार…
कुछ गिरे कि सपने भीगे-भीगे हैं
सुधरता जाता हम से टाला ना
फुरसत जिसे खुशियाँ में मोहरा करें
उस सपनों की, तो ज़रा जानता ना
कायदे में जीना है जिसे ताकत चाहिए
भूल न, कर्तव्य तेरा जाने ना
सपनों के साथ सीखो तो टूटे ना
और चलते रहना ही जीवन है
चिंता को ताला देकर गम को भूल
अब तो मुस्कान से जी जाएँगे
बचपन की यादों से चलें आगे
सत्य के पथ पर चलते जाएँगे
सपने तो सबके जगते हैं
मन में मेरे उम्मीद जगा दो
दर्द से टकराकर निकले जो
वो ही सच्चा इंसान कहलाए
— अनुराग 'मिर'
